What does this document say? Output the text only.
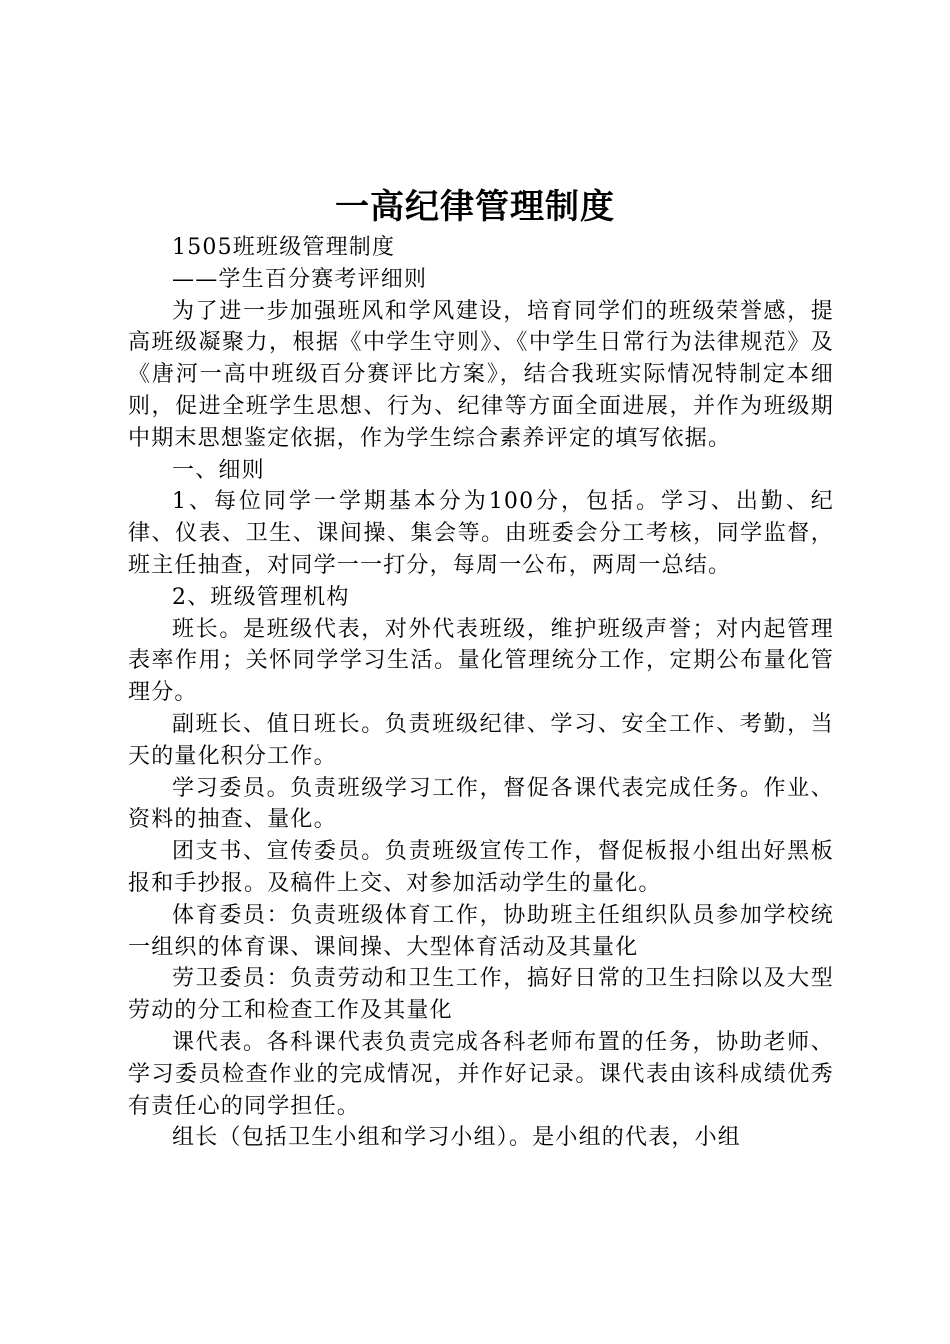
一高纪律管理制度

1505班班级管理制度

——学生百分赛考评细则

为了进一步加强班风和学风建设，培育同学们的班级荣誉感，提高班级凝聚力，根据《中学生守则》、《中学生日常行为法律规范》及《唐河一高中班级百分赛评比方案》，结合我班实际情况特制定本细则，促进全班学生思想、行为、纪律等方面全面进展，并作为班级期中期末思想鉴定依据，作为学生综合素养评定的填写依据。

一、细则

1、每位同学一学期基本分为100分，包括。学习、出勤、纪律、仪表、卫生、课间操、集会等。由班委会分工考核，同学监督，班主任抽查，对同学一一打分，每周一公布，两周一总结。

2、班级管理机构

班长。是班级代表，对外代表班级，维护班级声誉；对内起管理表率作用；关怀同学学习生活。量化管理统分工作，定期公布量化管理分。

副班长、值日班长。负责班级纪律、学习、安全工作、考勤，当天的量化积分工作。

学习委员。负责班级学习工作，督促各课代表完成任务。作业、资料的抽查、量化。

团支书、宣传委员。负责班级宣传工作，督促板报小组出好黑板报和手抄报。及稿件上交、对参加活动学生的量化。

体育委员：负责班级体育工作，协助班主任组织队员参加学校统一组织的体育课、课间操、大型体育活动及其量化

劳卫委员：负责劳动和卫生工作，搞好日常的卫生扫除以及大型劳动的分工和检查工作及其量化

课代表。各科课代表负责完成各科老师布置的任务，协助老师、学习委员检查作业的完成情况，并作好记录。课代表由该科成绩优秀有责任心的同学担任。

组长（包括卫生小组和学习小组）。是小组的代表，小组
